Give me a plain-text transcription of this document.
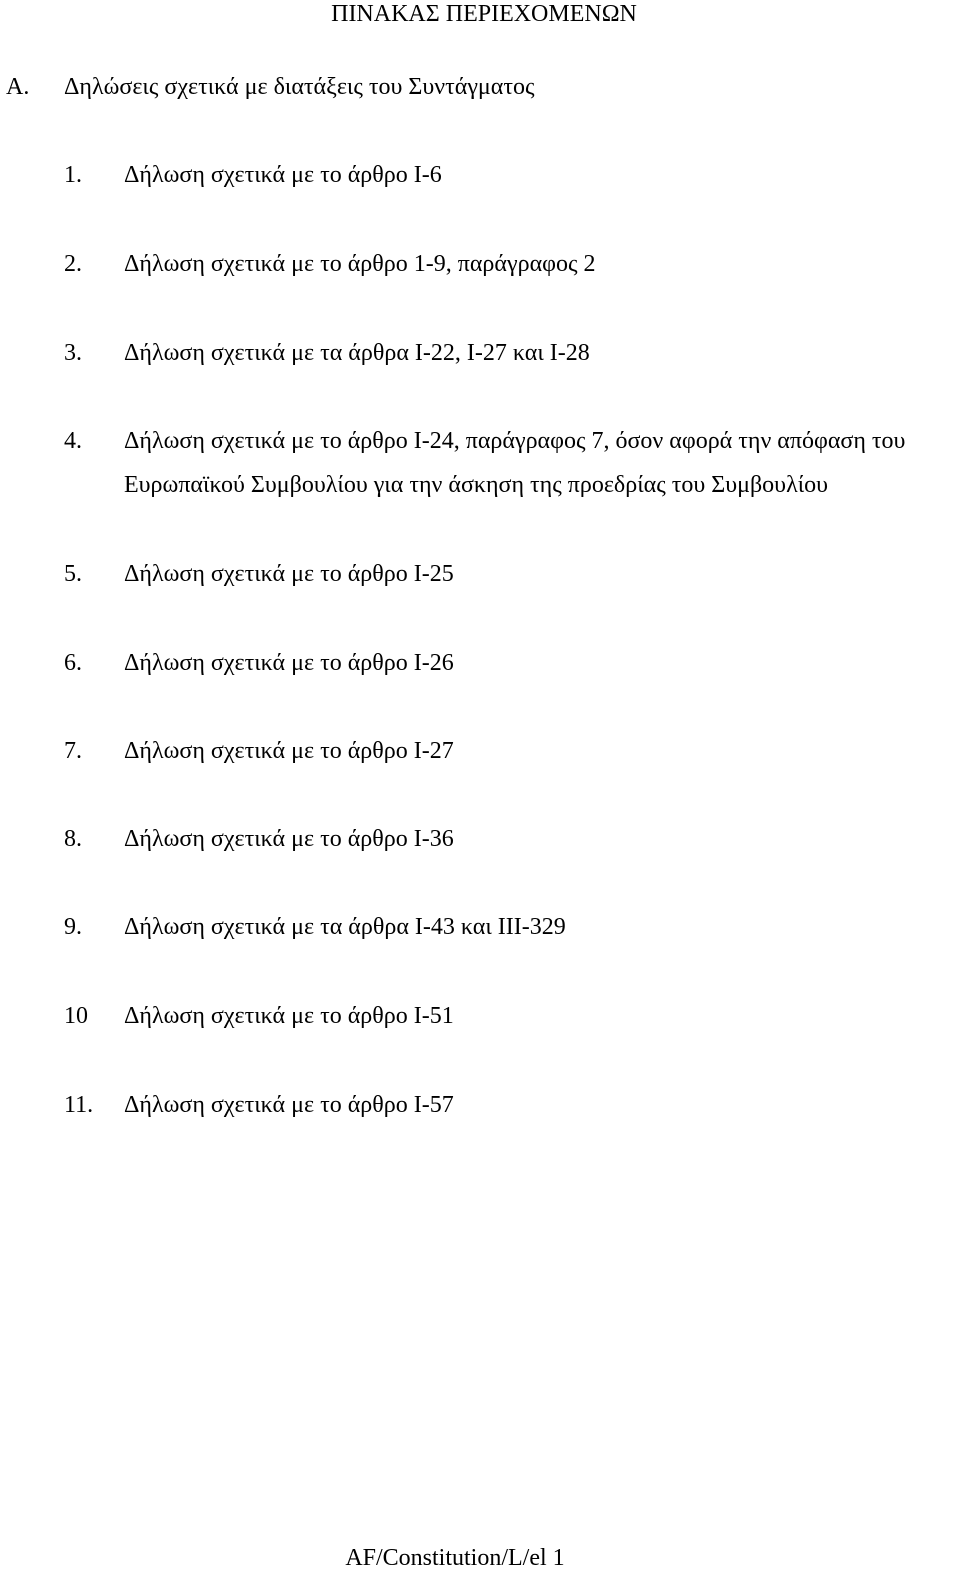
ΠΙΝΑΚΑΣ ΠΕΡΙΕΧΟΜΕΝΩΝ
A. Δηλώσεις σχετικά με διατάξεις του Συντάγματος
1. Δήλωση σχετικά με το άρθρο Ι-6
2. Δήλωση σχετικά με το άρθρο 1-9, παράγραφος 2
3. Δήλωση σχετικά με τα άρθρα Ι-22, Ι-27 και Ι-28
4. Δήλωση σχετικά με το άρθρο Ι-24, παράγραφος 7, όσον αφορά την απόφαση του
Ευρωπαϊκού Συμβουλίου για την άσκηση της προεδρίας του Συμβουλίου
5. Δήλωση σχετικά με το άρθρο Ι-25
6. Δήλωση σχετικά με το άρθρο Ι-26
7. Δήλωση σχετικά με το άρθρο Ι-27
8. Δήλωση σχετικά με το άρθρο Ι-36
9. Δήλωση σχετικά με τα άρθρα Ι-43 και ΙΙΙ-329
10 Δήλωση σχετικά με το άρθρο Ι-51
11. Δήλωση σχετικά με το άρθρο Ι-57
AF/Constitution/L/el 1
